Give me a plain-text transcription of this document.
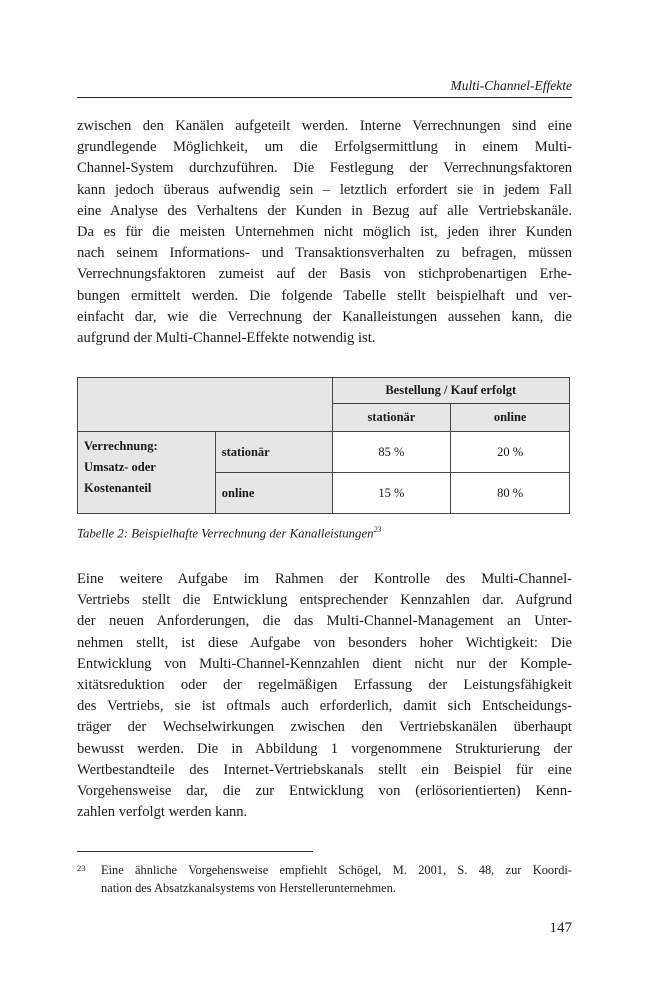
Multi-Channel-Effekte
zwischen den Kanälen aufgeteilt werden. Interne Verrechnungen sind eine
grundlegende Möglichkeit, um die Erfolgsermittlung in einem Multi-
Channel-System durchzuführen. Die Festlegung der Verrechnungsfaktoren
kann jedoch überaus aufwendig sein – letztlich erfordert sie in jedem Fall
eine Analyse des Verhaltens der Kunden in Bezug auf alle Vertriebskanäle.
Da es für die meisten Unternehmen nicht möglich ist, jeden ihrer Kunden
nach seinem Informations- und Transaktionsverhalten zu befragen, müssen
Verrechnungsfaktoren zumeist auf der Basis von stichprobenartigen Erhe-
bungen ermittelt werden. Die folgende Tabelle stellt beispielhaft und ver-
einfacht dar, wie die Verrechnung der Kanalleistungen aussehen kann, die
aufgrund der Multi-Channel-Effekte notwendig ist.
		Bestellung / Kauf erfolgt	
		stationär	online

Verrechnung:
Umsatz- oder
Kostenanteil	stationär	85 %	20 %
	online	15 %	80 %
Tabelle 2: Beispielhafte Verrechnung der Kanalleistungen$^{23}$
Eine weitere Aufgabe im Rahmen der Kontrolle des Multi-Channel-
Vertriebs stellt die Entwicklung entsprechender Kennzahlen dar. Aufgrund
der neuen Anforderungen, die das Multi-Channel-Management an Unter-
nehmen stellt, ist diese Aufgabe von besonders hoher Wichtigkeit: Die
Entwicklung von Multi-Channel-Kennzahlen dient nicht nur der Komple-
xitätsreduktion oder der regelmäßigen Erfassung der Leistungsfähigkeit
des Vertriebs, sie ist oftmals auch erforderlich, damit sich Entscheidungs-
träger der Wechselwirkungen zwischen den Vertriebskanälen überhaupt
bewusst werden. Die in Abbildung 1 vorgenommene Strukturierung der
Wertbestandteile des Internet-Vertriebskanals stellt ein Beispiel für eine
Vorgehensweise dar, die zur Entwicklung von (erlösorientierten) Kenn-
zahlen verfolgt werden kann.
23 Eine ähnliche Vorgehensweise empfiehlt Schögel, M. 2001, S. 48, zur Koordi-
nation des Absatzkanalsystems von Herstellerunternehmen.
147
